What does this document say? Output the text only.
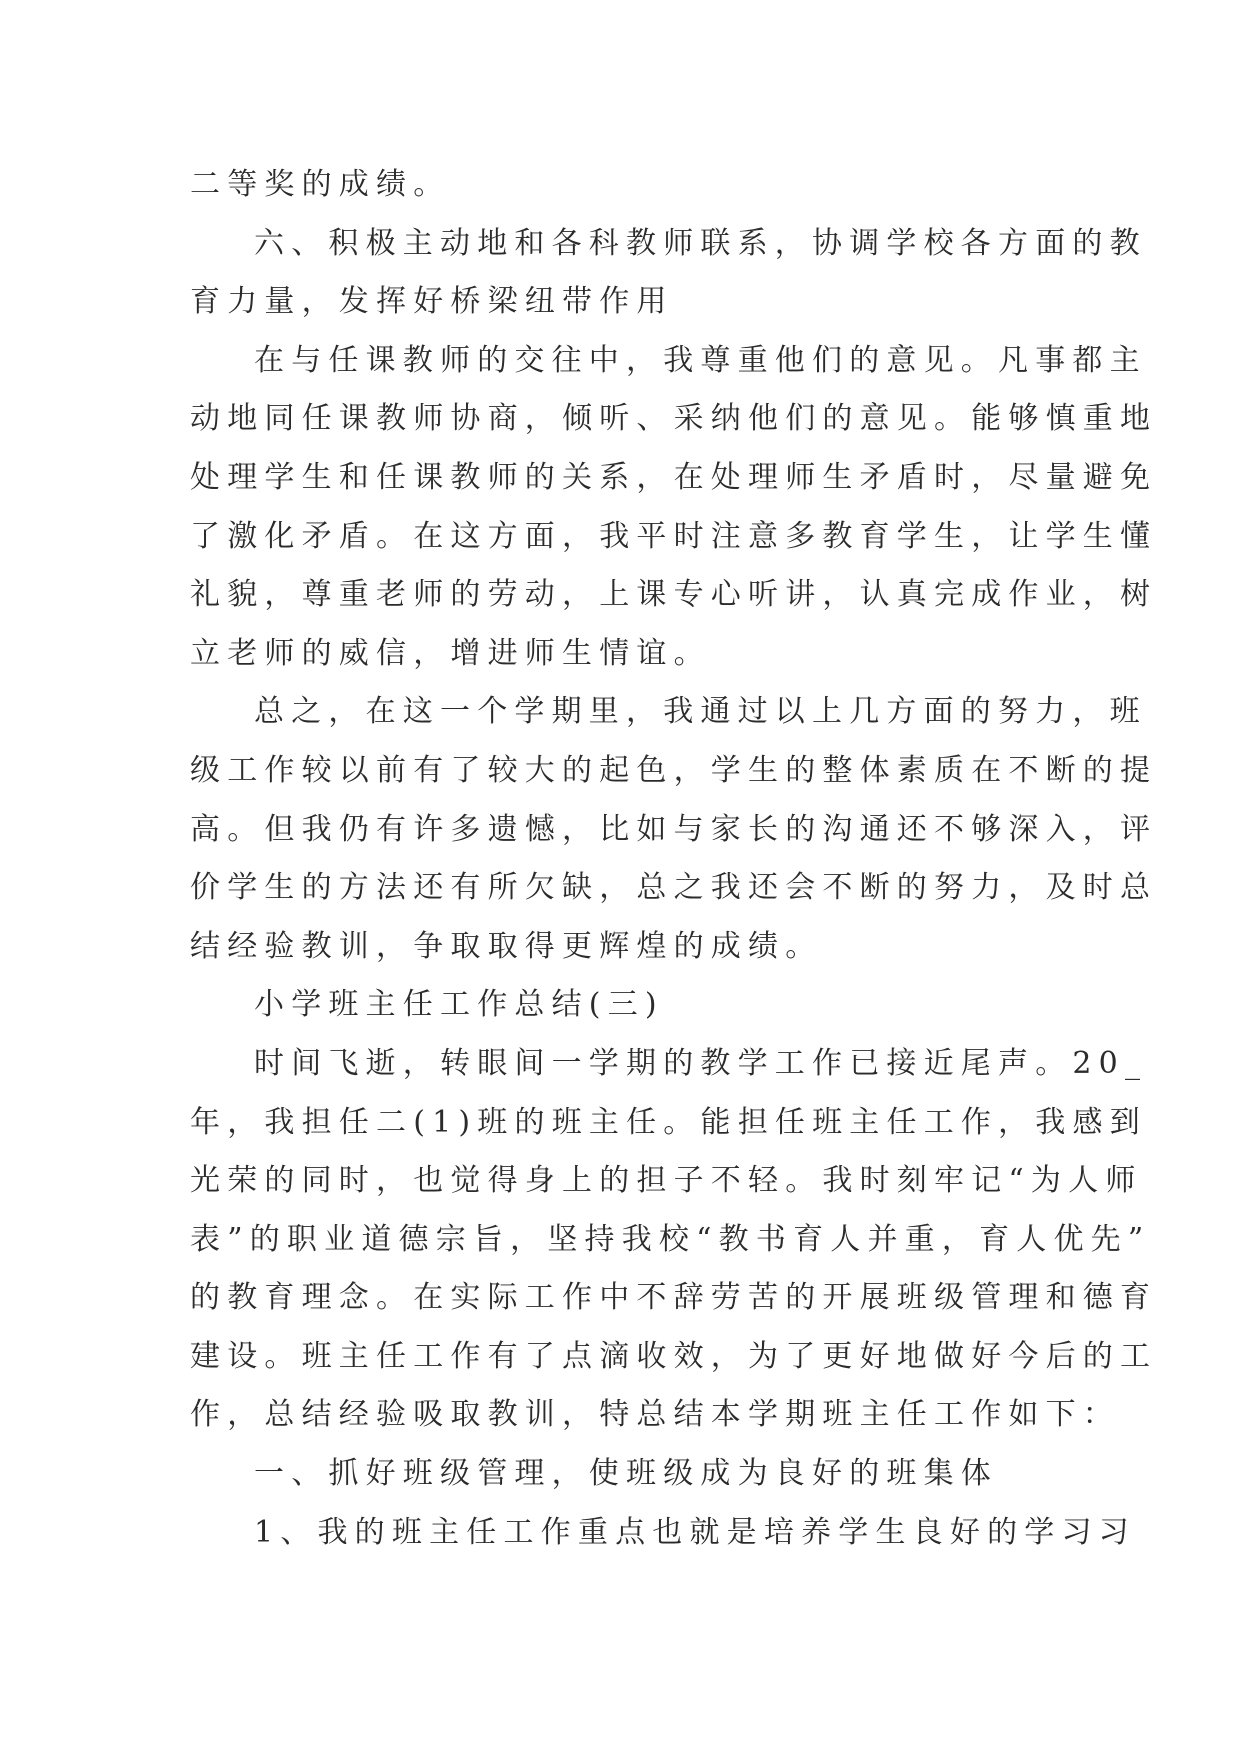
二等奖的成绩。
六、积极主动地和各科教师联系，协调学校各方面的教
育力量，发挥好桥梁纽带作用
在与任课教师的交往中，我尊重他们的意见。凡事都主
动地同任课教师协商，倾听、采纳他们的意见。能够慎重地
处理学生和任课教师的关系，在处理师生矛盾时，尽量避免
了激化矛盾。在这方面，我平时注意多教育学生，让学生懂
礼貌，尊重老师的劳动，上课专心听讲，认真完成作业，树
立老师的威信，增进师生情谊。
总之，在这一个学期里，我通过以上几方面的努力，班
级工作较以前有了较大的起色，学生的整体素质在不断的提
高。但我仍有许多遗憾，比如与家长的沟通还不够深入，评
价学生的方法还有所欠缺，总之我还会不断的努力，及时总
结经验教训，争取取得更辉煌的成绩。
小学班主任工作总结(三)
时间飞逝，转眼间一学期的教学工作已接近尾声。20_
年，我担任二(1)班的班主任。能担任班主任工作，我感到
光荣的同时，也觉得身上的担子不轻。我时刻牢记“为人师
表”的职业道德宗旨，坚持我校“教书育人并重，育人优先”
的教育理念。在实际工作中不辞劳苦的开展班级管理和德育
建设。班主任工作有了点滴收效，为了更好地做好今后的工
作，总结经验吸取教训，特总结本学期班主任工作如下：
一、抓好班级管理，使班级成为良好的班集体
1、我的班主任工作重点也就是培养学生良好的学习习
